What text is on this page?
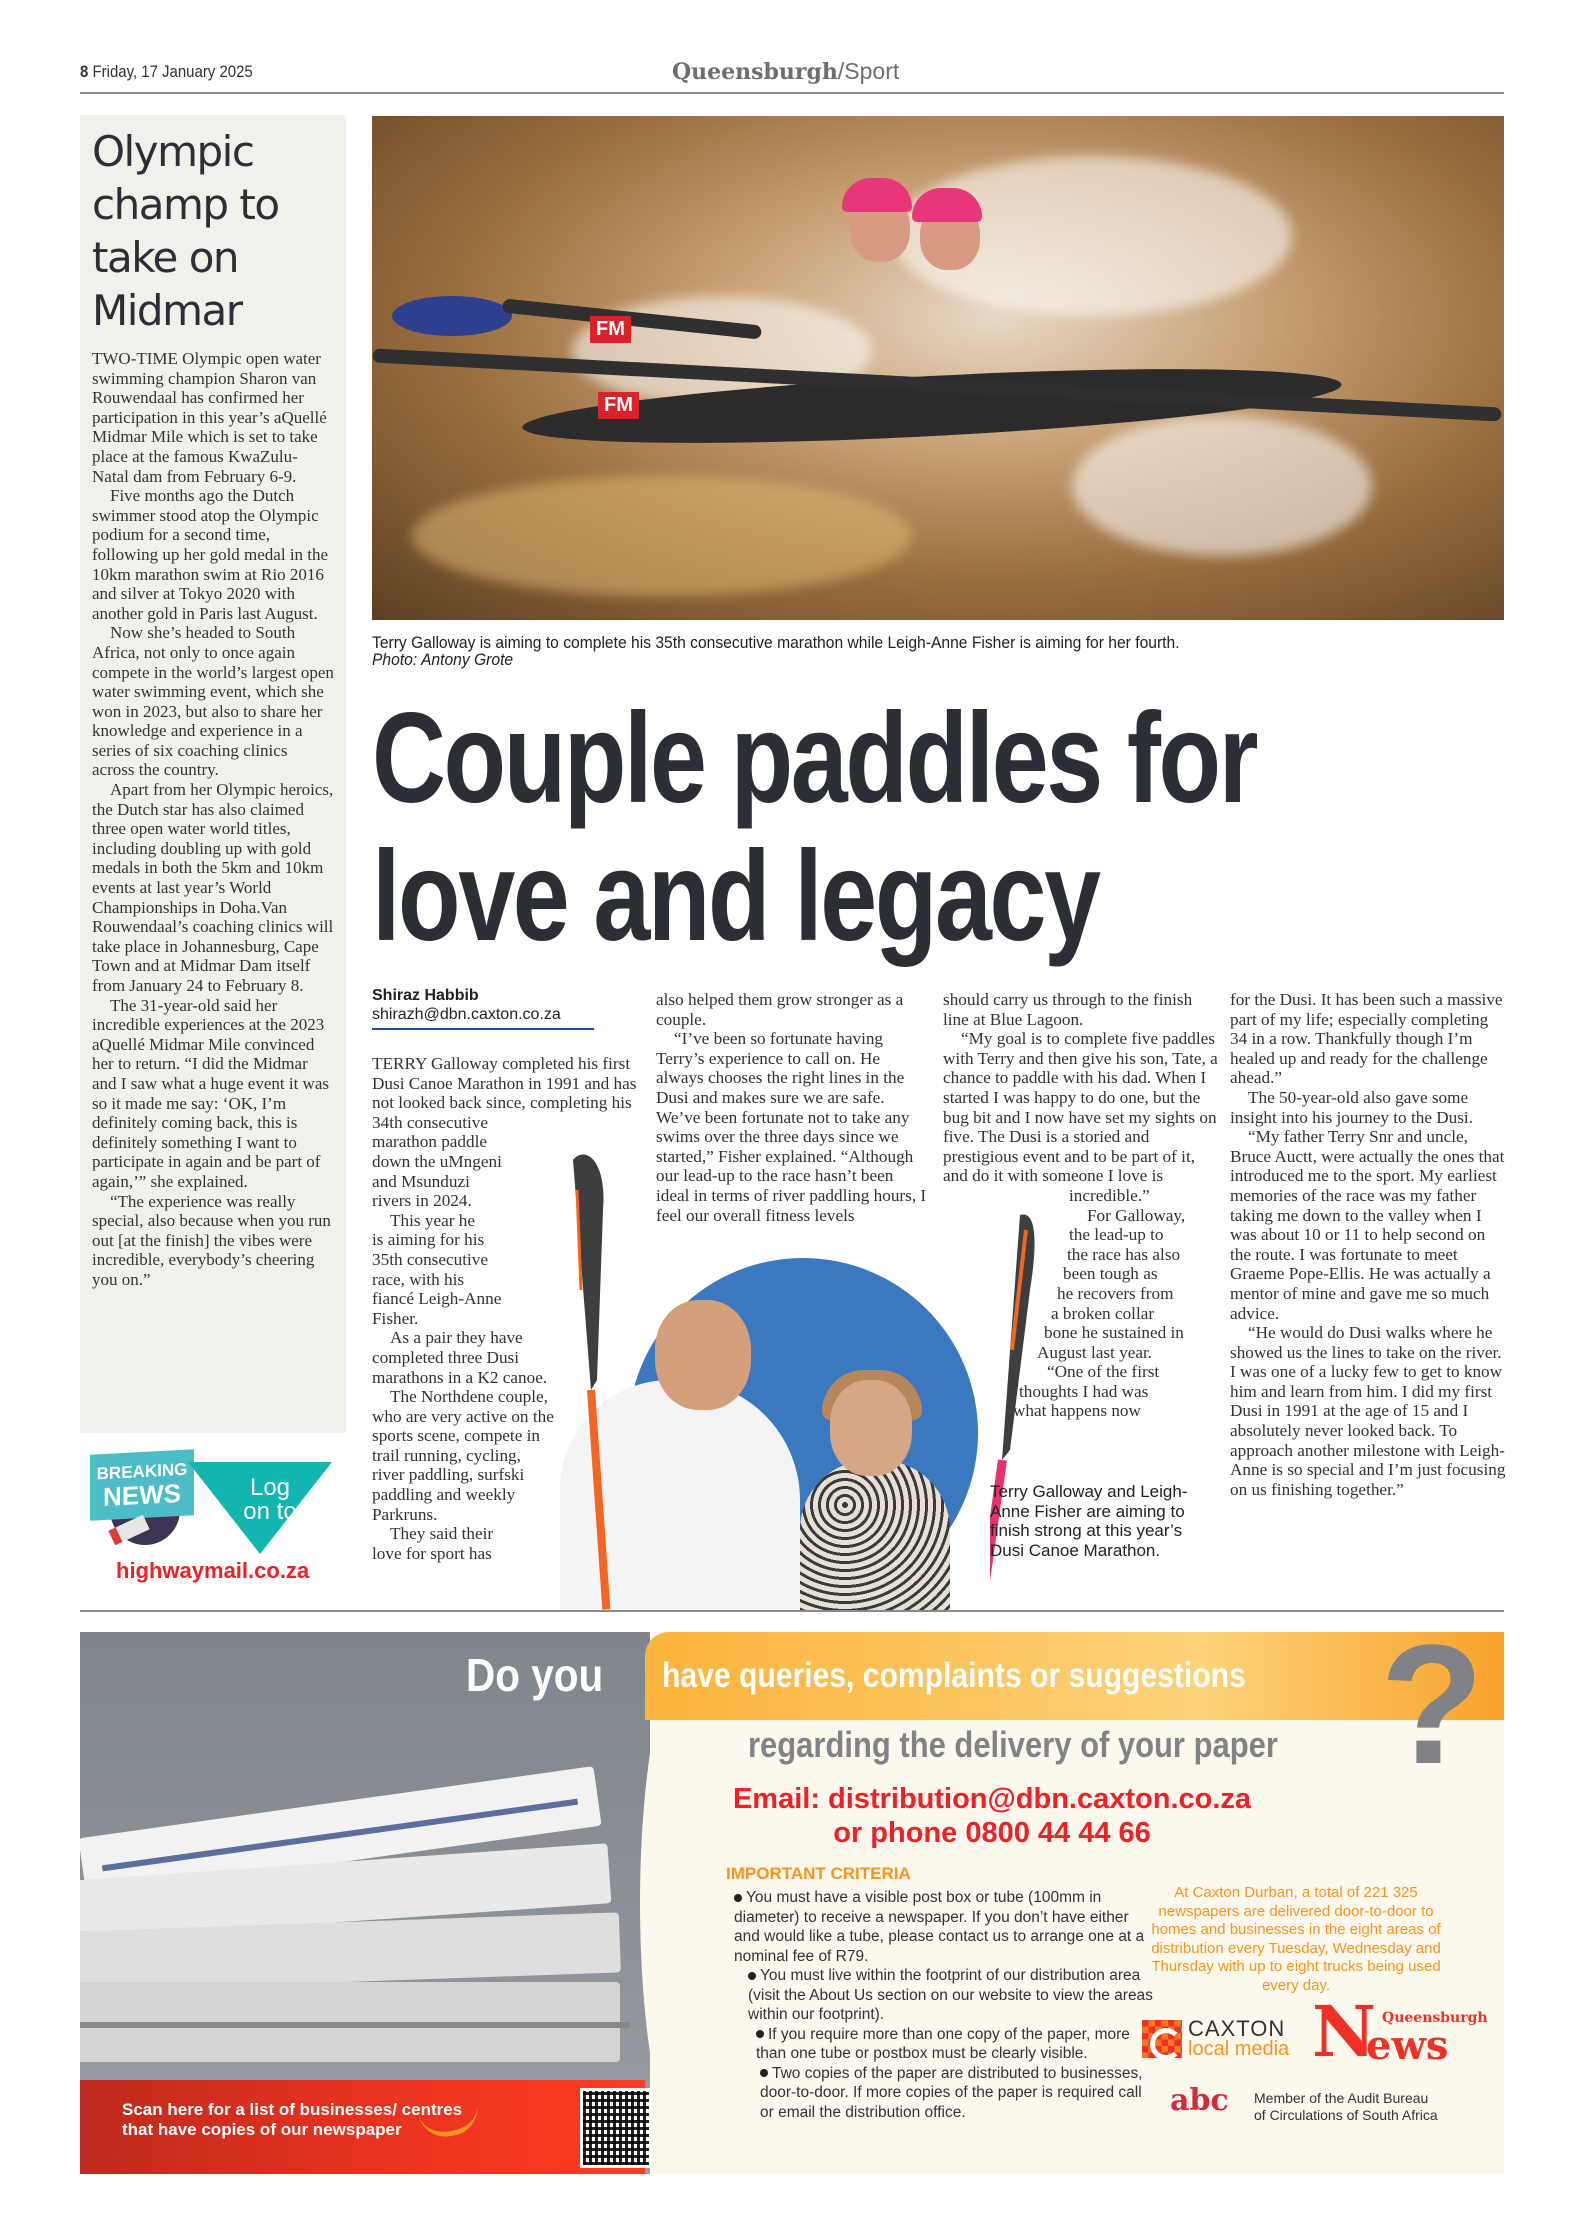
8 Friday, 17 January 2025	Queensburgh/Sport
Olympic champ to take on Midmar

TWO-TIME Olympic open water swimming champion Sharon van Rouwendaal has confirmed her participation in this year’s aQuellé Midmar Mile which is set to take place at the famous KwaZulu-Natal dam from February 6-9.

Five months ago the Dutch swimmer stood atop the Olympic podium for a second time, following up her gold medal in the 10km marathon swim at Rio 2016 and silver at Tokyo 2020 with another gold in Paris last August.

Now she’s headed to South Africa, not only to once again compete in the world’s largest open water swimming event, which she won in 2023, but also to share her knowledge and experience in a series of six coaching clinics across the country.

Apart from her Olympic heroics, the Dutch star has also claimed three open water world titles, including doubling up with gold medals in both the 5km and 10km events at last year’s World Championships in Doha.Van Rouwendaal’s coaching clinics will take place in Johannesburg, Cape Town and at Midmar Dam itself from January 24 to February 8.

The 31-year-old said her incredible experiences at the 2023 aQuellé Midmar Mile convinced her to return. “I did the Midmar and I saw what a huge event it was so it made me say: ‘OK, I’m definitely coming back, this is definitely something I want to participate in again and be part of again,’” she explained.

“The experience was really special, also because when you run out [at the finish] the vibes were incredible, everybody’s cheering you on.”

BREAKING
NEWS	Log
on to
highwaymail.co.za
FM
FM
Terry Galloway is aiming to complete his 35th consecutive marathon while Leigh-Anne Fisher is aiming for her fourth.
Photo: Antony Grote
Couple paddles for
love and legacy
Shiraz Habbib
shirazh@dbn.caxton.co.za

TERRY Galloway completed his first Dusi Canoe Marathon in 1991 and has not looked back since, completing his 34th consecutive

marathon paddle
down the uMngeni
and Msunduzi
rivers in 2024.
This year he
is aiming for his
35th consecutive
race, with his
fiancé Leigh-Anne
Fisher.
As a pair they have
completed three Dusi
marathons in a K2 canoe.
The Northdene couple,
who are very active on the
sports scene, compete in
trail running, cycling,
river paddling, surfski
paddling and weekly
Parkruns.
They said their
love for sport has

also helped them grow stronger as a couple.

“I’ve been so fortunate having Terry’s experience to call on. He always chooses the right lines in the Dusi and makes sure we are safe. We’ve been fortunate not to take any swims over the three days since we started,” Fisher explained. “Although our lead-up to the race hasn’t been ideal in terms of river paddling hours, I feel our overall fitness levels

should carry us through to the finish line at Blue Lagoon.

“My goal is to complete five paddles with Terry and then give his son, Tate, a chance to paddle with his dad. When I started I was happy to do one, but the bug bit and I now have set my sights on five. The Dusi is a storied and prestigious event and to be part of it, and do it with someone I love is

incredible.”
For Galloway,
the lead-up to
the race has also
been tough as
he recovers from
a broken collar
bone he sustained in
August last year.
“One of the first
thoughts I had was
what happens now
Terry Galloway and Leigh-Anne Fisher are aiming to finish strong at this year’s Dusi Canoe Marathon.

for the Dusi. It has been such a massive part of my life; especially completing 34 in a row. Thankfully though I’m healed up and ready for the challenge ahead.”

The 50-year-old also gave some insight into his journey to the Dusi.

“My father Terry Snr and uncle, Bruce Auctt, were actually the ones that introduced me to the sport. My earliest memories of the race was my father taking me down to the valley when I was about 10 or 11 to help second on the route. I was fortunate to meet Graeme Pope-Ellis. He was actually a mentor of mine and gave me so much advice.

“He would do Dusi walks where he showed us the lines to take on the river. I was one of a lucky few to get to know him and learn from him. I did my first Dusi in 1991 at the age of 15 and I absolutely never looked back. To approach another milestone with Leigh-Anne is so special and I’m just focusing on us finishing together.”

Do you have queries, complaints or suggestions ?
regarding the delivery of your paper
Email: distribution@dbn.caxton.co.za
or phone 0800 44 44 66
IMPORTANT CRITERIA
You must have a visible post box or tube (100mm in diameter) to receive a newspaper. If you don’t have either and would like a tube, please contact us to arrange one at a nominal fee of R79.
You must live within the footprint of our distribution area (visit the About Us section on our website to view the areas within our footprint).
If you require more than one copy of the paper, more than one tube or postbox must be clearly visible.
Two copies of the paper are distributed to businesses, door-to-door. If more copies of the paper is required call or email the distribution office.
At Caxton Durban, a total of 221 325 newspapers are delivered door-to-door to homes and businesses in the eight areas of distribution every Tuesday, Wednesday and Thursday with up to eight trucks being used every day.
CAXTON
local media N Queensburgh
ews
abc	Member of the Audit Bureau
of Circulations of South Africa
Scan here for a list of businesses/ centres
that have copies of our newspaper
